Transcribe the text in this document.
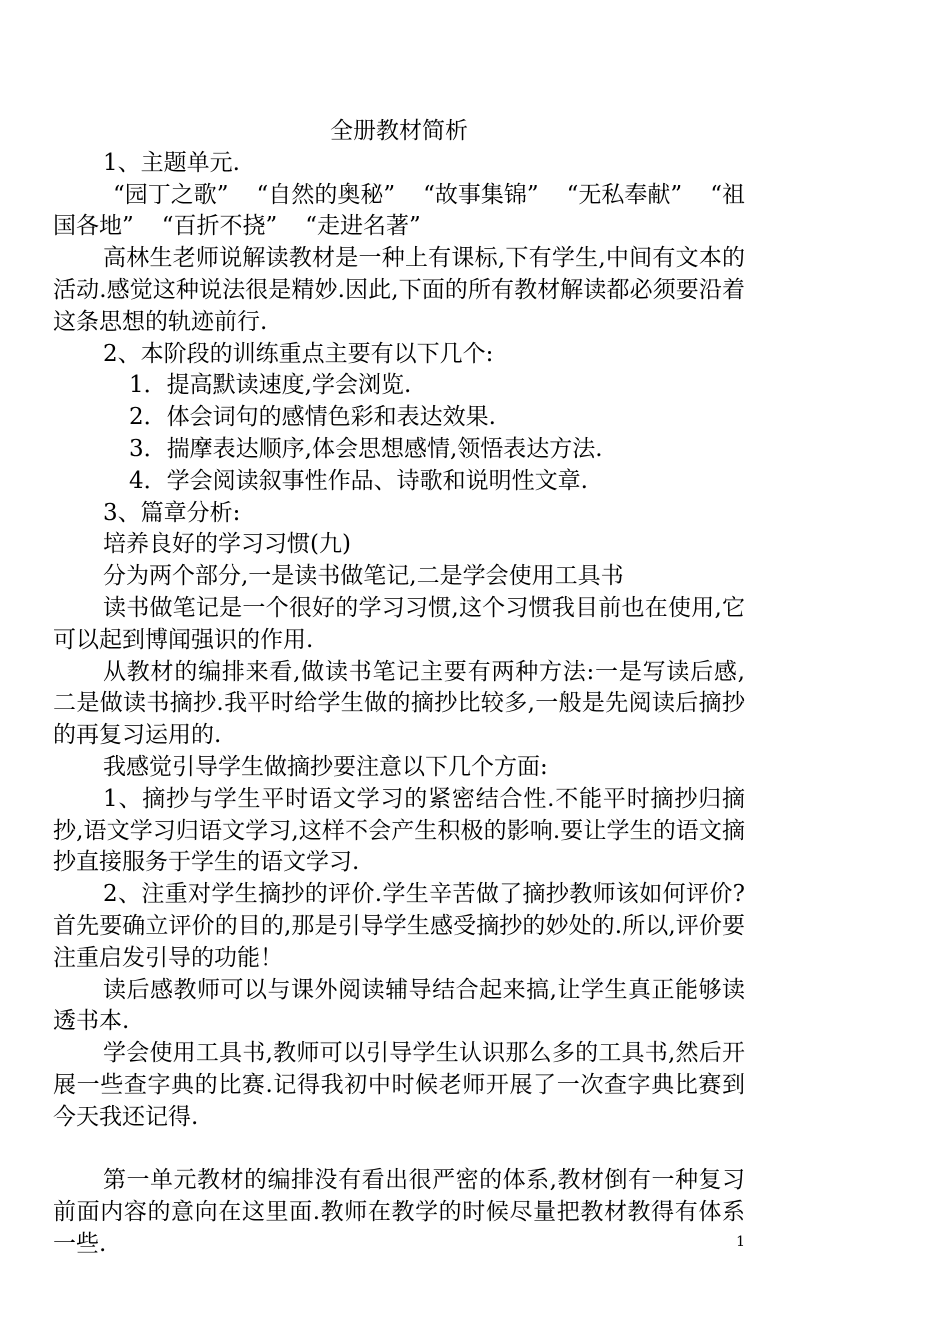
全册教材简析

1、主题单元.

“园丁之歌” “自然的奥秘” “故事集锦” “无私奉献” “祖国各地” “百折不挠” “走进名著”

高林生老师说解读教材是一种上有课标,下有学生,中间有文本的活动.感觉这种说法很是精妙.因此,下面的所有教材解读都必须要沿着这条思想的轨迹前行.

2、本阶段的训练重点主要有以下几个:

1．提高默读速度,学会浏览.
2．体会词句的感情色彩和表达效果.
3．揣摩表达顺序,体会思想感情,领悟表达方法.
4．学会阅读叙事性作品、诗歌和说明性文章.

3、篇章分析:

培养良好的学习习惯(九)

分为两个部分,一是读书做笔记,二是学会使用工具书

读书做笔记是一个很好的学习习惯,这个习惯我目前也在使用,它可以起到博闻强识的作用.

从教材的编排来看,做读书笔记主要有两种方法:一是写读后感,二是做读书摘抄.我平时给学生做的摘抄比较多,一般是先阅读后摘抄的再复习运用的.

我感觉引导学生做摘抄要注意以下几个方面:

1、摘抄与学生平时语文学习的紧密结合性.不能平时摘抄归摘抄,语文学习归语文学习,这样不会产生积极的影响.要让学生的语文摘抄直接服务于学生的语文学习.

2、注重对学生摘抄的评价.学生辛苦做了摘抄教师该如何评价?首先要确立评价的目的,那是引导学生感受摘抄的妙处的.所以,评价要注重启发引导的功能！

读后感教师可以与课外阅读辅导结合起来搞,让学生真正能够读透书本.

学会使用工具书,教师可以引导学生认识那么多的工具书,然后开展一些查字典的比赛.记得我初中时候老师开展了一次查字典比赛到今天我还记得.

第一单元教材的编排没有看出很严密的体系,教材倒有一种复习前面内容的意向在这里面.教师在教学的时候尽量把教材教得有体系一些.	1
